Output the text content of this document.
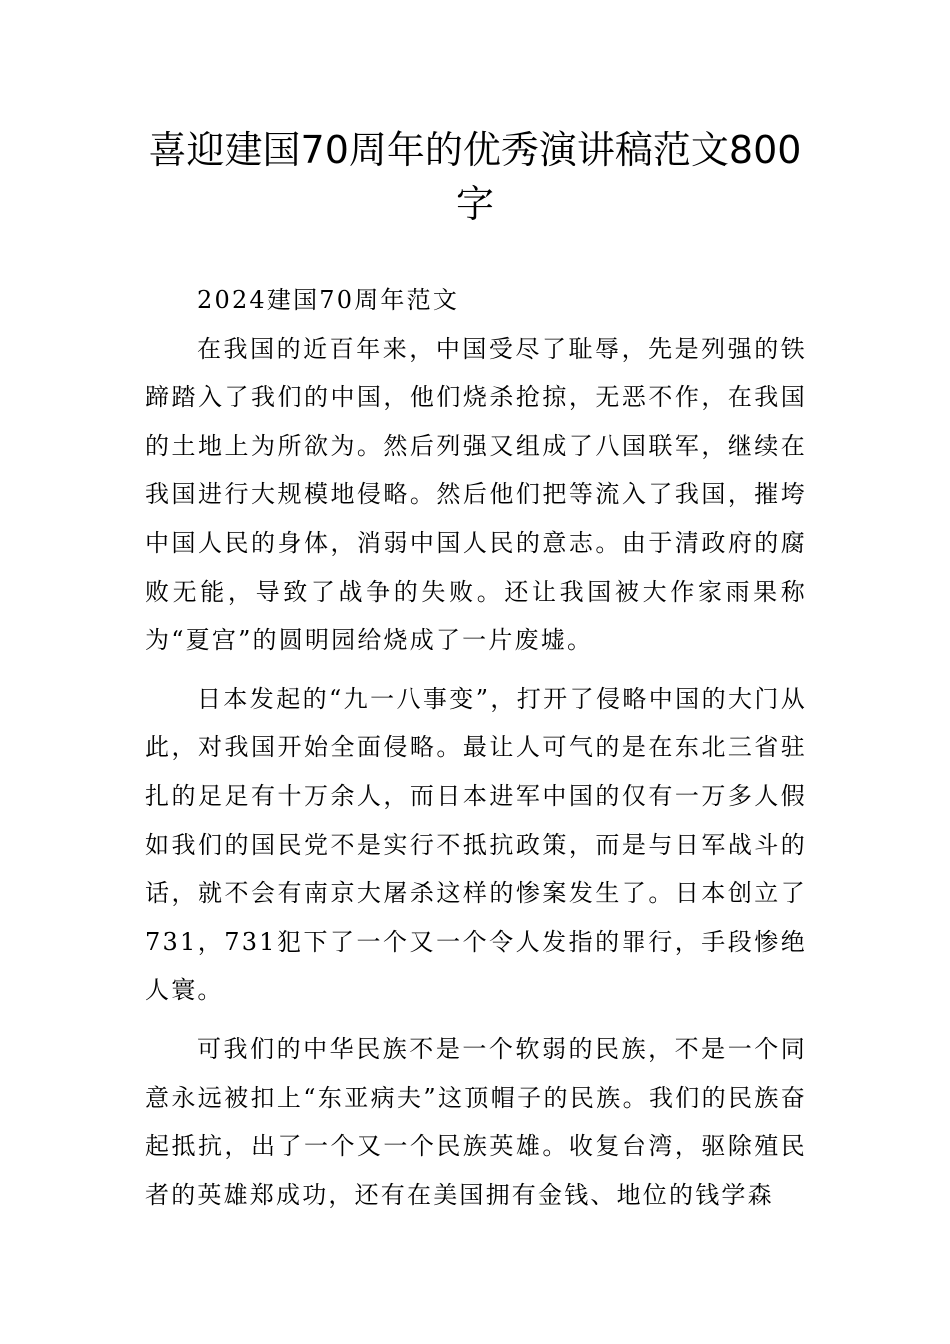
喜迎建国70周年的优秀演讲稿范文800字

2024建国70周年范文

在我国的近百年来，中国受尽了耻辱，先是列强的铁蹄踏入了我们的中国，他们烧杀抢掠，无恶不作，在我国的土地上为所欲为。然后列强又组成了八国联军，继续在我国进行大规模地侵略。然后他们把等流入了我国，摧垮中国人民的身体，消弱中国人民的意志。由于清政府的腐败无能，导致了战争的失败。还让我国被大作家雨果称为“夏宫”的圆明园给烧成了一片废墟。

日本发起的“九一八事变”，打开了侵略中国的大门从此，对我国开始全面侵略。最让人可气的是在东北三省驻扎的足足有十万余人，而日本进军中国的仅有一万多人假如我们的国民党不是实行不抵抗政策，而是与日军战斗的话，就不会有南京大屠杀这样的惨案发生了。日本创立了731，731犯下了一个又一个令人发指的罪行，手段惨绝人寰。

可我们的中华民族不是一个软弱的民族，不是一个同意永远被扣上“东亚病夫”这顶帽子的民族。我们的民族奋起抵抗，出了一个又一个民族英雄。收复台湾，驱除殖民者的英雄郑成功，还有在美国拥有金钱、地位的钱学森
